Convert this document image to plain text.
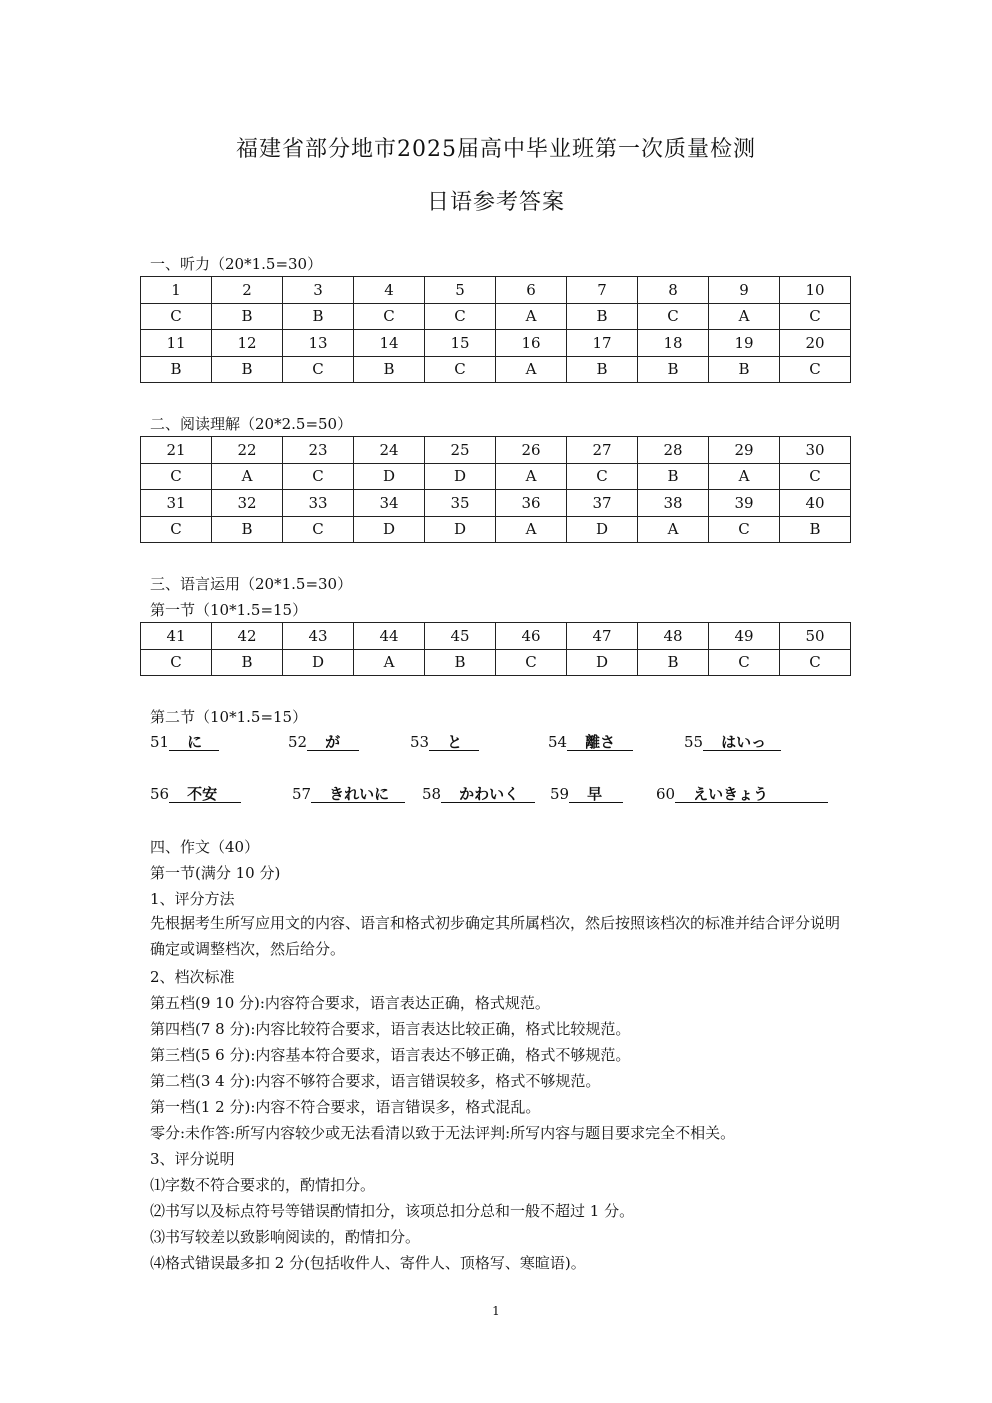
福建省部分地市2025届高中毕业班第一次质量检测
日语参考答案
一、听力（20*1.5=30）
1	2	3	4	5	6	7	8	9	10
C	B	B	C	C	A	B	C	A	C
11	12	13	14	15	16	17	18	19	20
B	B	C	B	C	A	B	B	B	C
二、阅读理解（20*2.5=50）
21	22	23	24	25	26	27	28	29	30
C	A	C	D	D	A	C	B	A	C
31	32	33	34	35	36	37	38	39	40
C	B	C	D	D	A	D	A	C	B
三、语言运用（20*1.5=30）
第一节（10*1.5=15）
41	42	43	44	45	46	47	48	49	50
C	B	D	A	B	C	D	B	C	C
第二节（10*1.5=15）
51 に	52 が	53 と	54 離さ	55 はいっ
56 不安	57 きれいに	58 かわいく	59 早	60 えいきょう
四、作文（40）
第一节(满分 10 分)
1、评分方法
先根据考生所写应用文的内容、语言和格式初步确定其所属档次，然后按照该档次的标准并结合评分说明确定或调整档次，然后给分。
2、档次标准
第五档(9 10 分):内容符合要求，语言表达正确，格式规范。
第四档(7 8 分):内容比较符合要求，语言表达比较正确，格式比较规范。
第三档(5 6 分):内容基本符合要求，语言表达不够正确，格式不够规范。
第二档(3 4 分):内容不够符合要求，语言错误较多，格式不够规范。
第一档(1 2 分):内容不符合要求，语言错误多，格式混乱。
零分:未作答:所写内容较少或无法看清以致于无法评判:所写内容与题目要求完全不相关。
3、评分说明
⑴字数不符合要求的，酌情扣分。
⑵书写以及标点符号等错误酌情扣分，该项总扣分总和一般不超过 1 分。
⑶书写较差以致影响阅读的，酌情扣分。
⑷格式错误最多扣 2 分(包括收件人、寄件人、顶格写、寒暄语)。
1
